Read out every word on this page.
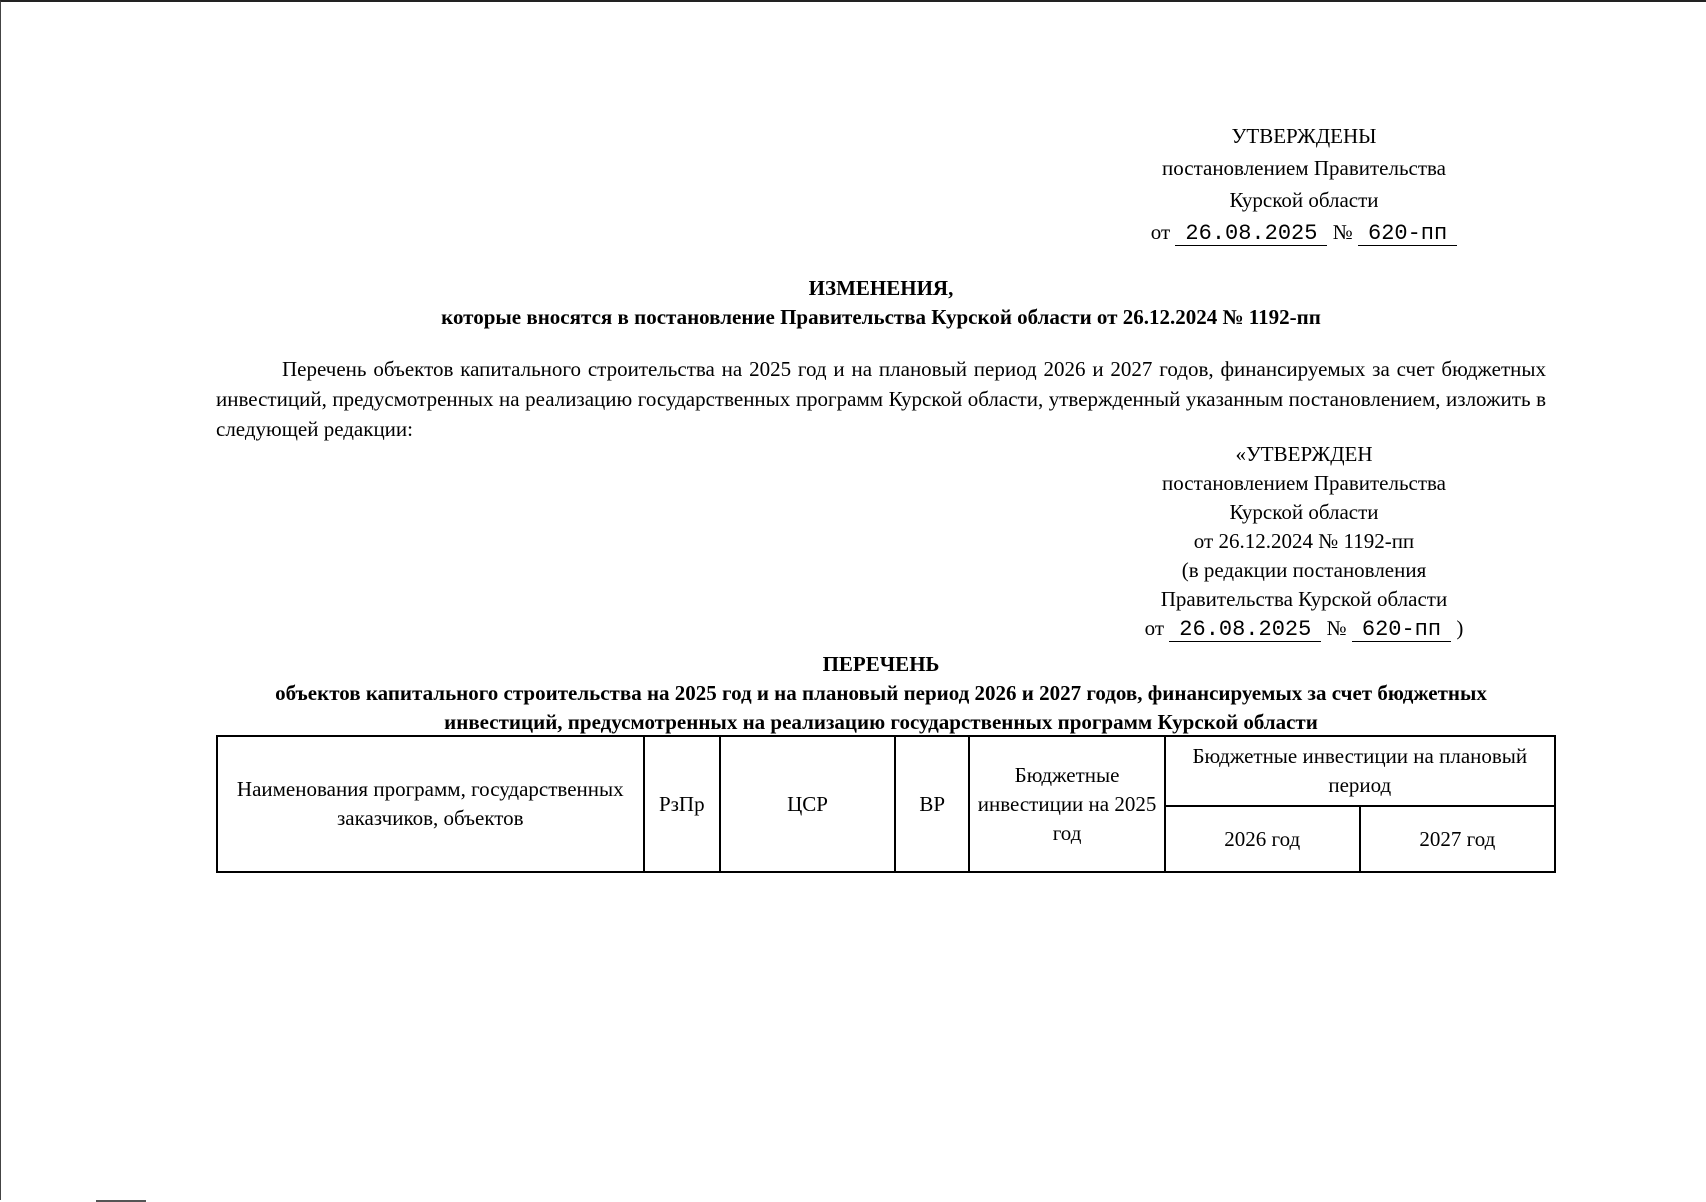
УТВЕРЖДЕНЫ
постановлением Правительства
Курской области
от 26.08.2025 № 620-пп
ИЗМЕНЕНИЯ,
которые вносятся в постановление Правительства Курской области от 26.12.2024 № 1192-пп
Перечень объектов капитального строительства на 2025 год и на плановый период 2026 и 2027 годов, финансируемых за счет бюджетных инвестиций, предусмотренных на реализацию государственных программ Курской области, утвержденный указанным постановлением, изложить в следующей редакции:
«УТВЕРЖДЕН
постановлением Правительства
Курской области
от 26.12.2024 № 1192-пп
(в редакции постановления
Правительства Курской области
от 26.08.2025 № 620-пп )
ПЕРЕЧЕНЬ
объектов капитального строительства на 2025 год и на плановый период 2026 и 2027 годов, финансируемых за счет бюджетных инвестиций, предусмотренных на реализацию государственных программ Курской области
Наименования программ, государственных заказчиков, объектов	РзПр	ЦСР	ВР	Бюджетные инвестиции на 2025 год	Бюджетные инвестиции на плановый период	
					2026 год	2027 год
